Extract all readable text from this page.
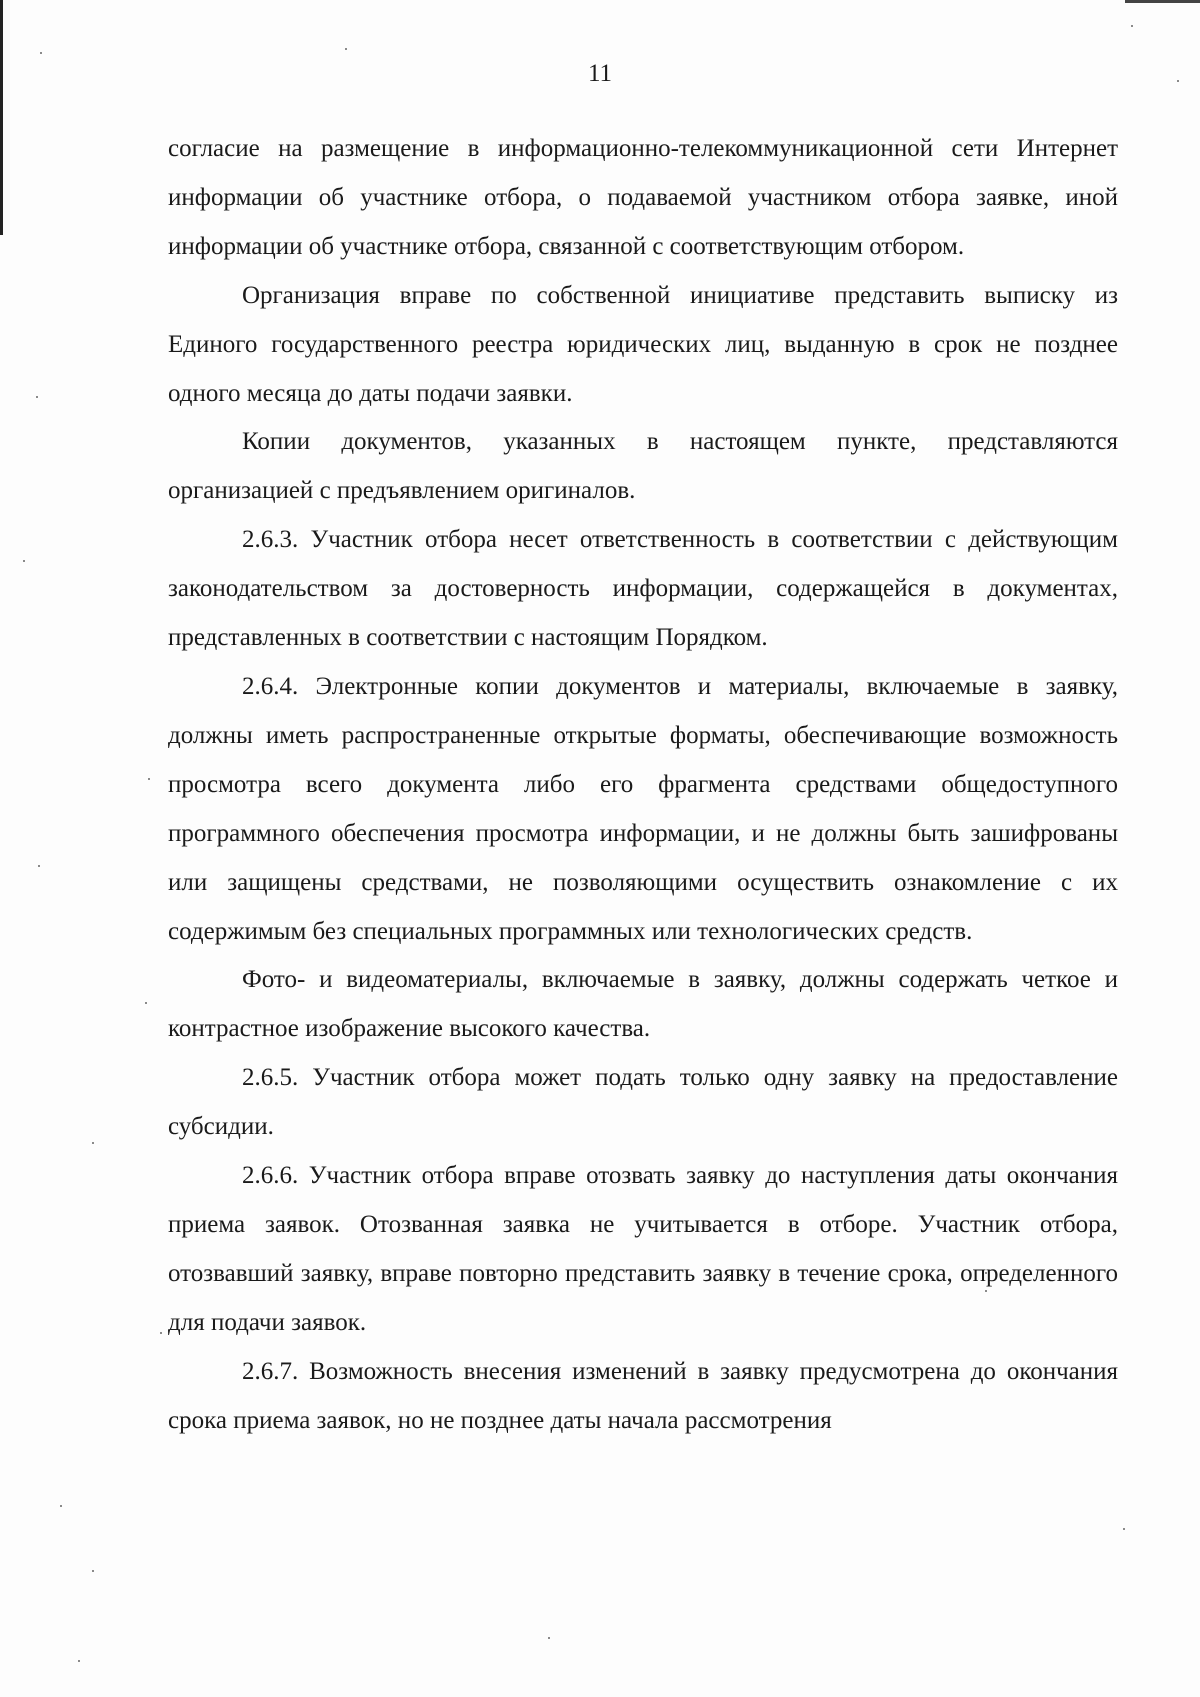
11

согласие на размещение в информационно-телекоммуникационной сети Интернет информации об участнике отбора, о подаваемой участником отбора заявке, иной информации об участнике отбора, связанной с соответствующим отбором.

Организация вправе по собственной инициативе представить выписку из Единого государственного реестра юридических лиц, выданную в срок не позднее одного месяца до даты подачи заявки.

Копии документов, указанных в настоящем пункте, представляются организацией с предъявлением оригиналов.

2.6.3. Участник отбора несет ответственность в соответствии с действующим законодательством за достоверность информации, содержащейся в документах, представленных в соответствии с настоящим Порядком.

2.6.4. Электронные копии документов и материалы, включаемые в заявку, должны иметь распространенные открытые форматы, обеспечивающие возможность просмотра всего документа либо его фрагмента средствами общедоступного программного обеспечения просмотра информации, и не должны быть зашифрованы или защищены средствами, не позволяющими осуществить ознакомление с их содержимым без специальных программных или технологических средств.

Фото- и видеоматериалы, включаемые в заявку, должны содержать четкое и контрастное изображение высокого качества.

2.6.5. Участник отбора может подать только одну заявку на предоставление субсидии.

2.6.6. Участник отбора вправе отозвать заявку до наступления даты окончания приема заявок. Отозванная заявка не учитывается в отборе. Участник отбора, отозвавший заявку, вправе повторно представить заявку в течение срока, определенного для подачи заявок.

2.6.7. Возможность внесения изменений в заявку предусмотрена до окончания срока приема заявок, но не позднее даты начала рассмотрения
